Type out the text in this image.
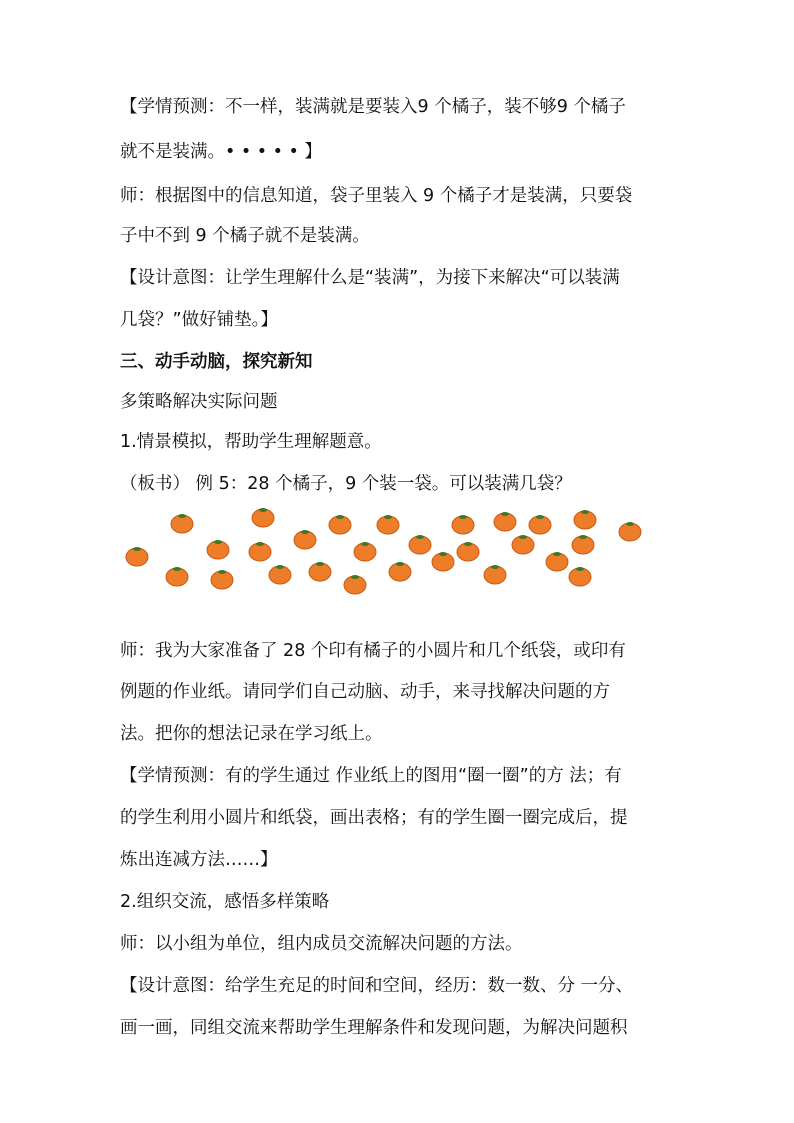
【学情预测：不一样，装满就是要装入9 个橘子，装不够9 个橘子
就不是装满。• • • • • 】
师：根据图中的信息知道，袋子里装入 9 个橘子才是装满，只要袋
子中不到 9 个橘子就不是装满。
【设计意图：让学生理解什么是“装满”，为接下来解决“可以装满
几袋？”做好铺垫。】
三、动手动脑，探究新知
多策略解决实际问题
1.情景模拟，帮助学生理解题意。
（板书） 例 5：28 个橘子，9 个装一袋。可以装满几袋？
师：我为大家准备了 28 个印有橘子的小圆片和几个纸袋，或印有
例题的作业纸。请同学们自己动脑、动手，来寻找解决问题的方
法。把你的想法记录在学习纸上。
【学情预测：有的学生通过 作业纸上的图用“圈一圈”的方 法；有
的学生利用小圆片和纸袋，画出表格；有的学生圈一圈完成后，提
炼出连减方法……】
2.组织交流，感悟多样策略
师：以小组为单位，组内成员交流解决问题的方法。
【设计意图：给学生充足的时间和空间，经历：数一数、分 一分、
画一画，同组交流来帮助学生理解条件和发现问题，为解决问题积
